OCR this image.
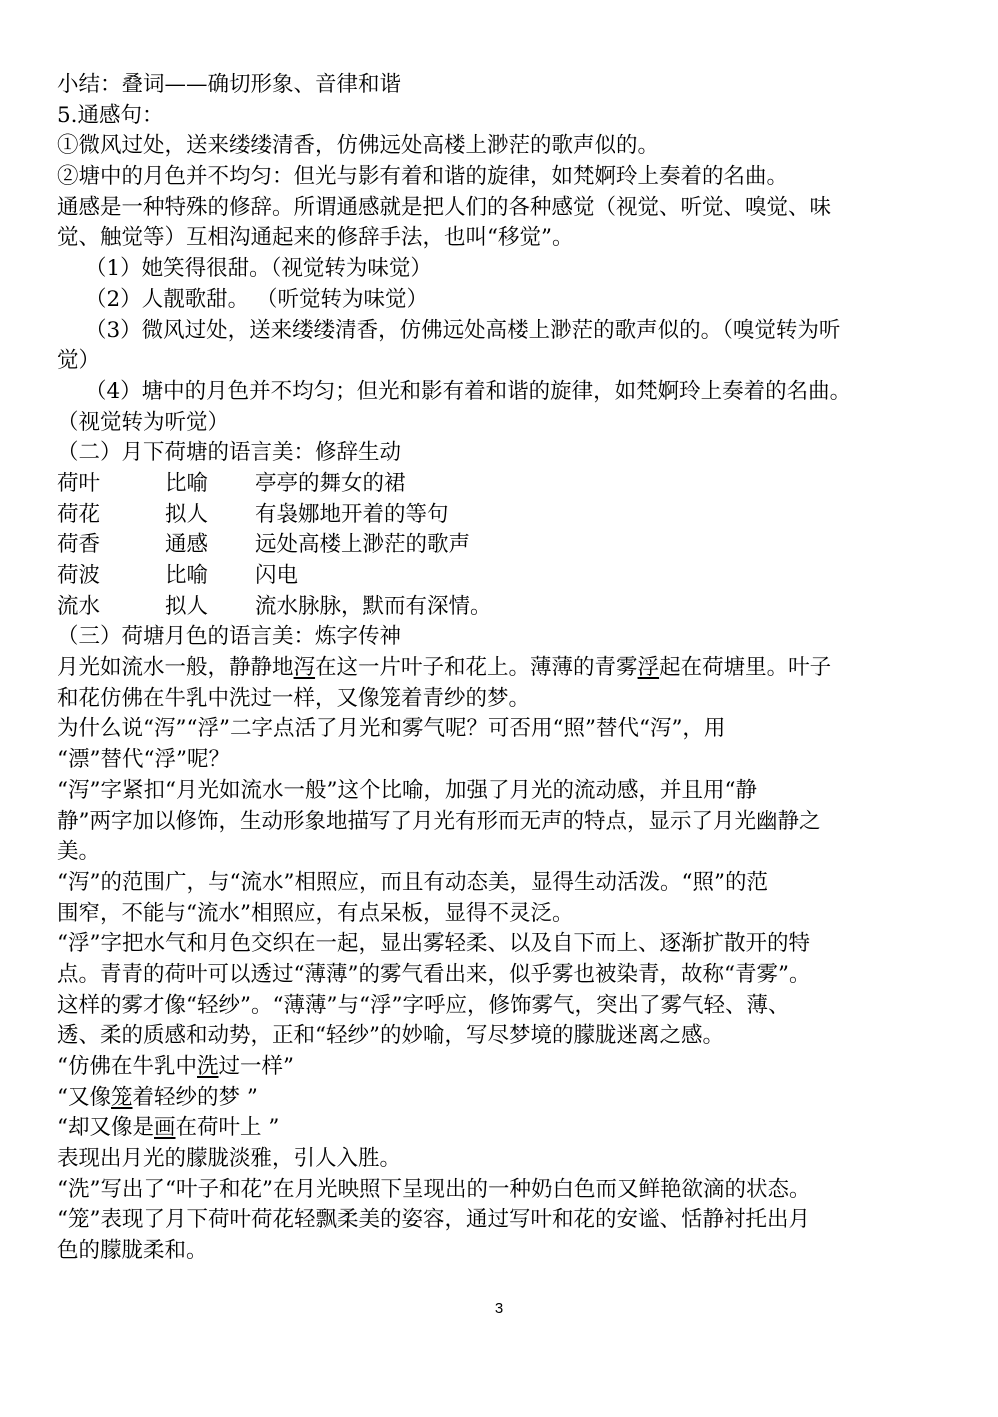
小结：叠词——确切形象、音律和谐
5.通感句：
①微风过处，送来缕缕清香，仿佛远处高楼上渺茫的歌声似的。
②塘中的月色并不均匀：但光与影有着和谐的旋律，如梵婀玲上奏着的名曲。
通感是一种特殊的修辞。所谓通感就是把人们的各种感觉（视觉、听觉、嗅觉、味
觉、触觉等）互相沟通起来的修辞手法，也叫“移觉”。
（1）她笑得很甜。（视觉转为味觉）
（2）人靓歌甜。 （听觉转为味觉）
（3）微风过处，送来缕缕清香，仿佛远处高楼上渺茫的歌声似的。（嗅觉转为听
觉）
（4）塘中的月色并不均匀；但光和影有着和谐的旋律，如梵婀玲上奏着的名曲。
（视觉转为听觉）
（二）月下荷塘的语言美：修辞生动
荷叶	比喻 亭亭的舞女的裙
荷花	拟人 有袅娜地开着的等句
荷香	通感 远处高楼上渺茫的歌声
荷波	比喻 闪电
流水	拟人 流水脉脉，默而有深情。
（三）荷塘月色的语言美：炼字传神
月光如流水一般，静静地泻在这一片叶子和花上。薄薄的青雾浮起在荷塘里。叶子
和花仿佛在牛乳中洗过一样，又像笼着青纱的梦。
为什么说“泻”“浮”二字点活了月光和雾气呢？可否用“照”替代“泻”，用
“漂”替代“浮”呢？
“泻”字紧扣“月光如流水一般”这个比喻，加强了月光的流动感，并且用“静
静”两字加以修饰，生动形象地描写了月光有形而无声的特点，显示了月光幽静之
美。
“泻”的范围广，与“流水”相照应，而且有动态美，显得生动活泼。“照”的范
围窄，不能与“流水”相照应，有点呆板，显得不灵泛。
“浮”字把水气和月色交织在一起，显出雾轻柔、以及自下而上、逐渐扩散开的特
点。青青的荷叶可以透过“薄薄”的雾气看出来，似乎雾也被染青，故称“青雾”。
这样的雾才像“轻纱”。“薄薄”与“浮”字呼应，修饰雾气，突出了雾气轻、薄、
透、柔的质感和动势，正和“轻纱”的妙喻，写尽梦境的朦胧迷离之感。
“仿佛在牛乳中洗过一样”
“又像笼着轻纱的梦 ”
“却又像是画在荷叶上 ”
表现出月光的朦胧淡雅，引人入胜。
“洗”写出了“叶子和花”在月光映照下呈现出的一种奶白色而又鲜艳欲滴的状态。
“笼”表现了月下荷叶荷花轻飘柔美的姿容，通过写叶和花的安谧、恬静衬托出月
色的朦胧柔和。
3
